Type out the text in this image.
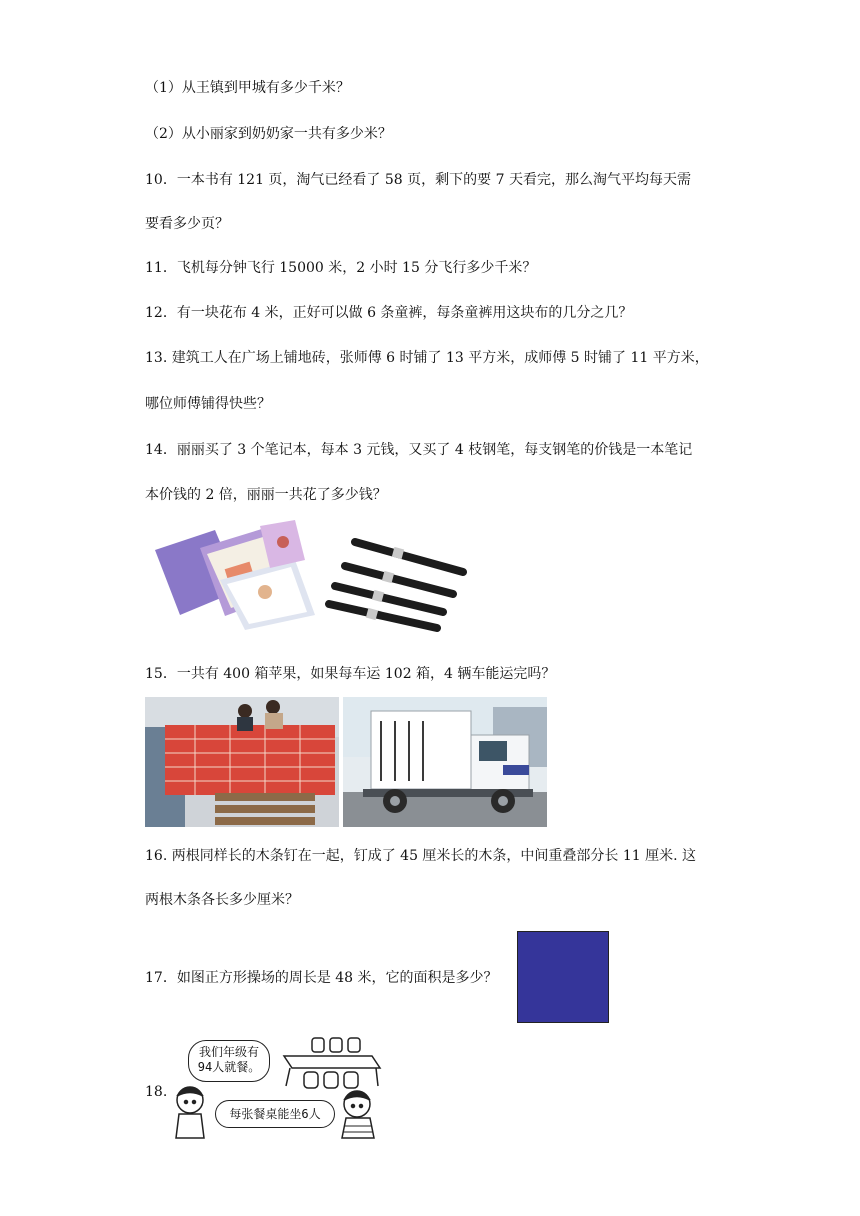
（1）从王镇到甲城有多少千米？
（2）从小丽家到奶奶家一共有多少米？
10．一本书有 121 页，淘气已经看了 58 页，剩下的要 7 天看完，那么淘气平均每天需
要看多少页？
11．飞机每分钟飞行 15000 米，2 小时 15 分飞行多少千米？
12．有一块花布 4 米，正好可以做 6 条童裤，每条童裤用这块布的几分之几？
13. 建筑工人在广场上铺地砖，张师傅 6 时铺了 13 平方米，成师傅 5 时铺了 11 平方米，
哪位师傅铺得快些？
14．丽丽买了 3 个笔记本，每本 3 元钱，又买了 4 枝钢笔，每支钢笔的价钱是一本笔记
本价钱的 2 倍，丽丽一共花了多少钱？
15．一共有 400 箱苹果，如果每车运 102 箱，4 辆车能运完吗？
16. 两根同样长的木条钉在一起，钉成了 45 厘米长的木条，中间重叠部分长 11 厘米. 这
两根木条各长多少厘米？
17．如图正方形操场的周长是 48 米，它的面积是多少？
18.
我们年级有
94人就餐。
每张餐桌能坐6人
